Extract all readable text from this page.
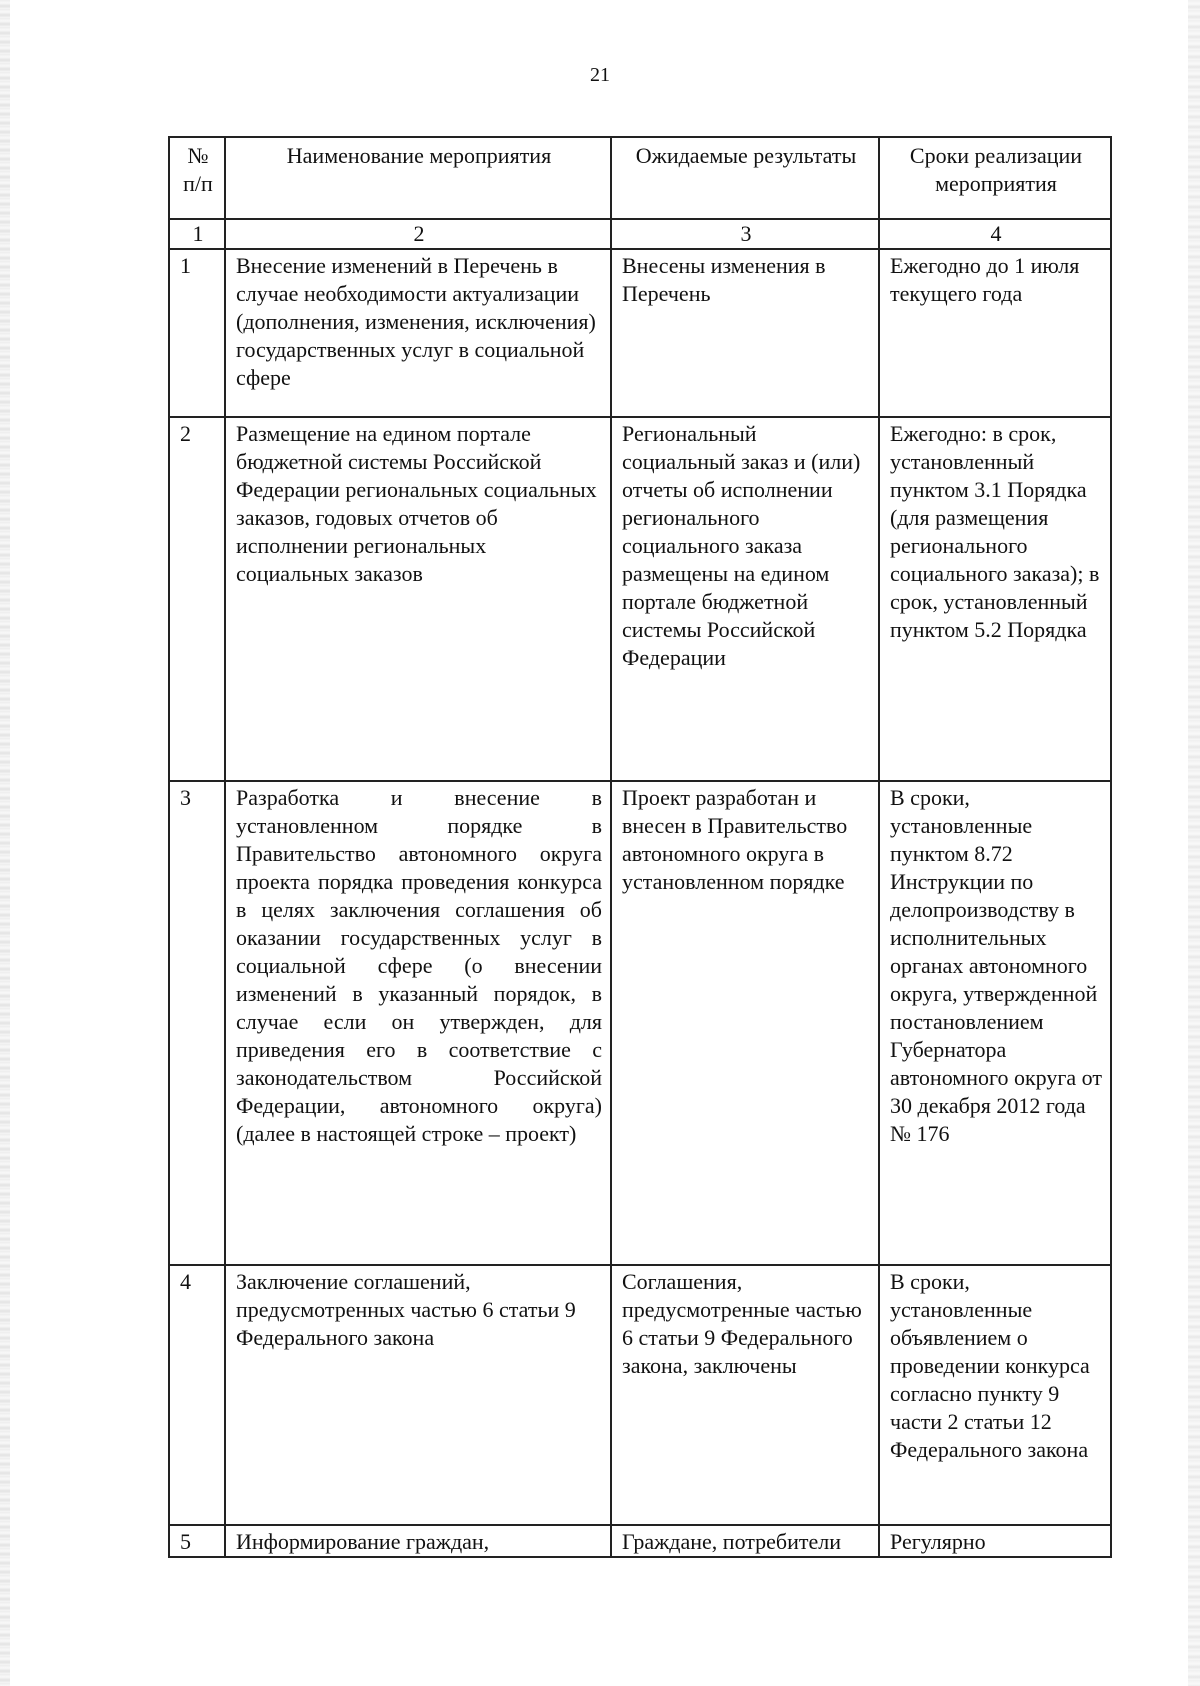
21
№ п/п	Наименование мероприятия	Ожидаемые результаты	Сроки реализации мероприятия
1	2	3	4
1	Внесение изменений в Перечень в случае необходимости актуализации (дополнения, изменения, исключения) государственных услуг в социальной сфере	Внесены изменения в Перечень	Ежегодно до 1 июля текущего года
2	Размещение на едином портале бюджетной системы Российской Федерации региональных социальных заказов, годовых отчетов об исполнении региональных социальных заказов	Региональный социальный заказ и (или) отчеты об исполнении регионального социального заказа размещены на едином портале бюджетной системы Российской Федерации	Ежегодно: в срок, установленный пунктом 3.1 Порядка (для размещения регионального социального заказа); в срок, установленный пунктом 5.2 Порядка
3	Разработка и внесение в установленном порядке в Правительство автономного округа проекта порядка проведения конкурса в целях заключения соглашения об оказании государственных услуг в социальной сфере (о внесении изменений в указанный порядок, в случае если он утвержден, для приведения его в соответствие с законодательством Российской Федерации, автономного округа) (далее в настоящей строке – проект)	Проект разработан и внесен в Правительство автономного округа в установленном порядке	В сроки, установленные пунктом 8.72 Инструкции по делопроизводству в исполнительных органах автономного округа, утвержденной постановлением Губернатора автономного округа от 30 декабря 2012 года № 176
4	Заключение соглашений, предусмотренных частью 6 статьи 9 Федерального закона	Соглашения, предусмотренные частью 6 статьи 9 Федерального закона, заключены	В сроки, установленные объявлением о проведении конкурса согласно пункту 9 части 2 статьи 12 Федерального закона
5	Информирование граждан,	Граждане, потребители	Регулярно
